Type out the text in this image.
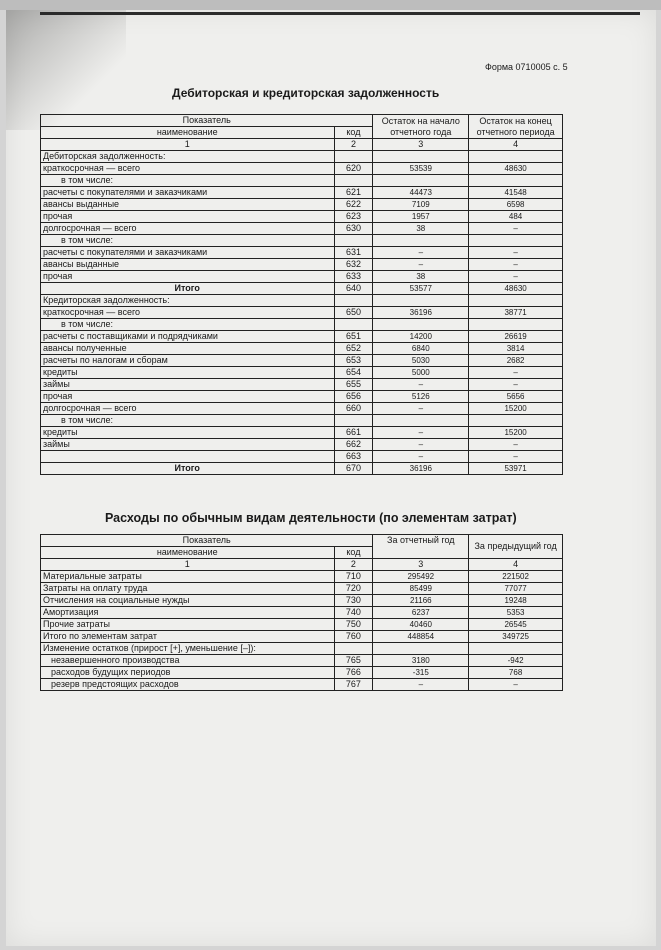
Форма 0710005 с. 5
Дебиторская и кредиторская задолженность
Показатель		Остаток на начало отчетного года	Остаток на конец отчетного периода
наименование	код		
1	2	3	4
Дебиторская задолженность:			
краткосрочная — всего	620	53539	48630
в том числе:			
расчеты с покупателями и заказчиками	621	44473	41548
авансы выданные	622	7109	6598
прочая	623	1957	484
долгосрочная — всего	630	38	–
в том числе:			
расчеты с покупателями и заказчиками	631	–	–
авансы выданные	632	–	–
прочая	633	38	–
Итого	640	53577	48630
Кредиторская задолженность:			
краткосрочная — всего	650	36196	38771
в том числе:			
расчеты с поставщиками и подрядчиками	651	14200	26619
авансы полученные	652	6840	3814
расчеты по налогам и сборам	653	5030	2682
кредиты	654	5000	–
займы	655	–	–
прочая	656	5126	5656
долгосрочная — всего	660	–	15200
в том числе:			
кредиты	661	–	15200
займы	662	–	–
	663	–	–
Итого	670	36196	53971
Расходы по обычным видам деятельности (по элементам затрат)
Показатель		За отчетный год	За предыдущий год
наименование	код		
1	2	3	4
Материальные затраты	710	295492	221502
Затраты на оплату труда	720	85499	77077
Отчисления на социальные нужды	730	21166	19248
Амортизация	740	6237	5353
Прочие затраты	750	40460	26545
Итого по элементам затрат	760	448854	349725
Изменение остатков (прирост [+], уменьшение [–]):			
незавершенного производства	765	3180	-942
расходов будущих периодов	766	-315	768
резерв предстоящих расходов	767	–	–
